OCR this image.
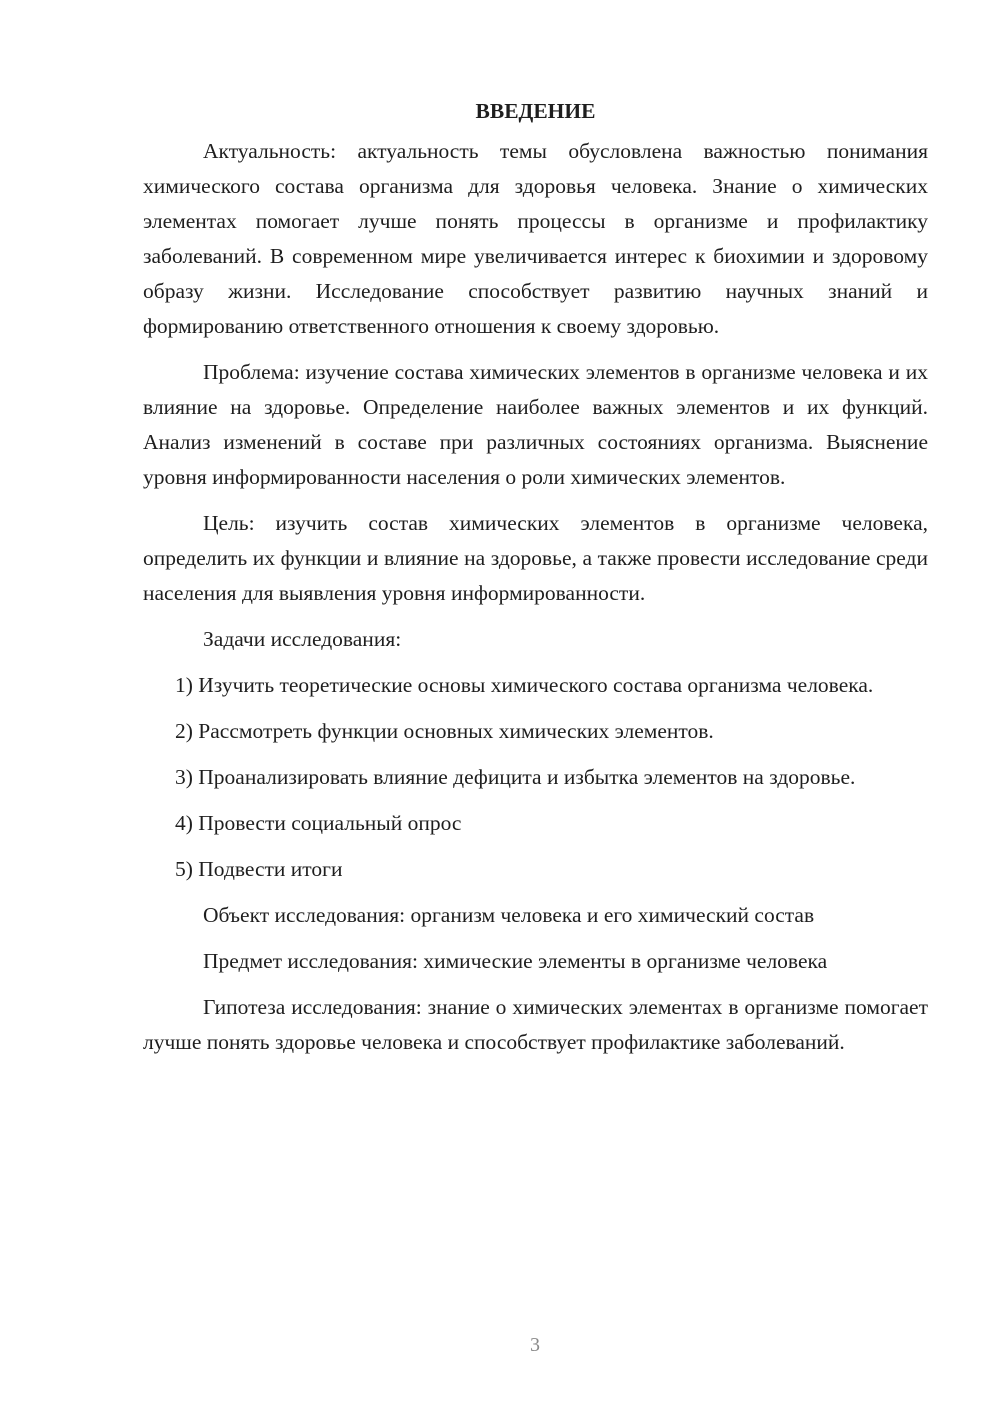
ВВЕДЕНИЕ

Актуальность: актуальность темы обусловлена важностью понимания химического состава организма для здоровья человека. Знание о химических элементах помогает лучше понять процессы в организме и профилактику заболеваний. В современном мире увеличивается интерес к биохимии и здоровому образу жизни. Исследование способствует развитию научных знаний и формированию ответственного отношения к своему здоровью.

Проблема: изучение состава химических элементов в организме человека и их влияние на здоровье. Определение наиболее важных элементов и их функций. Анализ изменений в составе при различных состояниях организма. Выяснение уровня информированности населения о роли химических элементов.

Цель: изучить состав химических элементов в организме человека, определить их функции и влияние на здоровье, а также провести исследование среди населения для выявления уровня информированности.

Задачи исследования:

1) Изучить теоретические основы химического состава организма человека.

2) Рассмотреть функции основных химических элементов.

3) Проанализировать влияние дефицита и избытка элементов на здоровье.

4) Провести социальный опрос

5) Подвести итоги

Объект исследования: организм человека и его химический состав

Предмет исследования: химические элементы в организме человека

Гипотеза исследования: знание о химических элементах в организме помогает лучше понять здоровье человека и способствует профилактике заболеваний.

3
